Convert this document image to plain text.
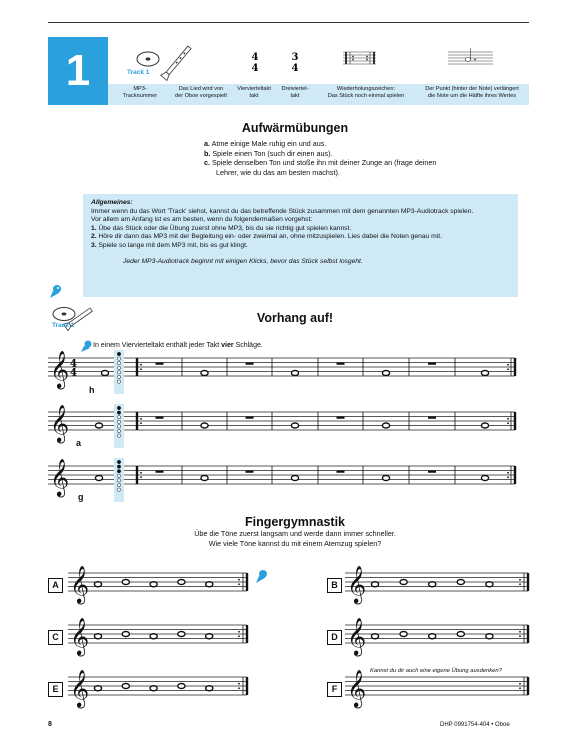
1	4
4
3
4
Track 1
MP3-
Tracknummer
Das Lied wird von
der Oboe vorgespielt
Viervierteltakt
takt
Dreiviertel-
takt
Wiederholungszeichen:
Das Stück noch einmal spielen
Der Punkt (hinter der Note) verlängert
die Note um die Hälfte ihres Wertes
Aufwärmübungen
a. Atme einige Male ruhig ein und aus.
b. Spiele einen Ton (such dir einen aus).
c. Spiele denselben Ton und stoße ihn mit deiner Zunge an (frage deinen Lehrer, wie du das am besten machst).

Allgemeines:

Immer wenn du das Wort 'Track' siehst, kannst du das betreffende Stück zusammen mit dem genannten MP3-Audiotrack spielen.

Vor allem am Anfang ist es am besten, wenn du folgendermaßen vorgehst:

1. Übe das Stück oder die Übung zuerst ohne MP3, bis du sie richtig gut spielen kannst.

2. Höre dir dann das MP3 mit der Begleitung ein- oder zweimal an, ohne mitzuspielen. Lies dabei die Noten genau mit.

3. Spiele so lange mit dem MP3 mit, bis es gut klingt.

Jeder MP3-Audiotrack beginnt mit einigen Klicks, bevor das Stück selbst losgeht.

Track 1
Vorhang auf!
In einem Viervierteltakt enthält jeder Takt vier Schläge.
𝄞 4
4
𝄞
𝄞
h
a
g
Fingergymnastik
Übe die Töne zuerst langsam und werde dann immer schneller.
Wie viele Töne kannst du mit einem Atemzug spielen?
A	B
C	D
E	F
Kannst du dir auch eine eigene Übung ausdenken?
𝄞	𝄞
𝄞	𝄞
𝄞	𝄞
8	DHP 0991754-404 • Oboe
